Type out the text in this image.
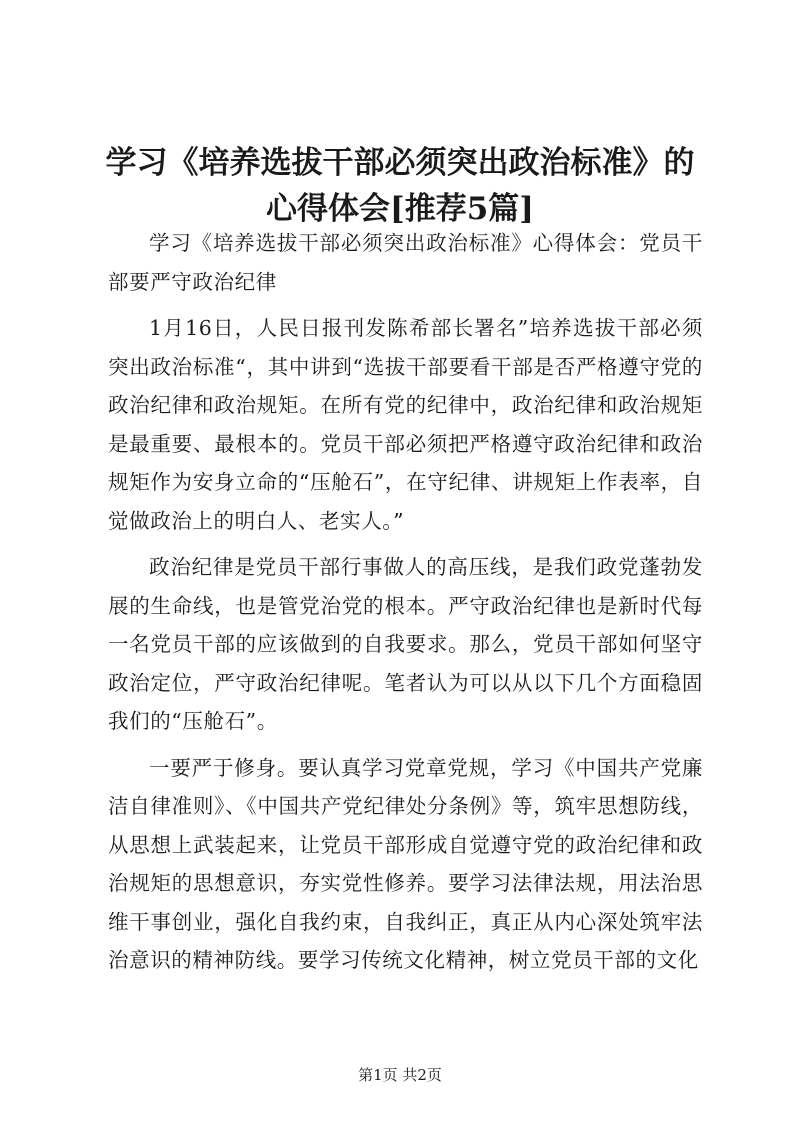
学习《培养选拔干部必须突出政治标准》的心得体会[推荐5篇]

学习《培养选拔干部必须突出政治标准》心得体会：党员干部要严守政治纪律

1月16日，人民日报刊发陈希部长署名”培养选拔干部必须突出政治标准“，其中讲到“选拔干部要看干部是否严格遵守党的政治纪律和政治规矩。在所有党的纪律中，政治纪律和政治规矩是最重要、最根本的。党员干部必须把严格遵守政治纪律和政治规矩作为安身立命的“压舱石”，在守纪律、讲规矩上作表率，自觉做政治上的明白人、老实人。”

政治纪律是党员干部行事做人的高压线，是我们政党蓬勃发展的生命线，也是管党治党的根本。严守政治纪律也是新时代每一名党员干部的应该做到的自我要求。那么，党员干部如何坚守政治定位，严守政治纪律呢。笔者认为可以从以下几个方面稳固我们的“压舱石”。

一要严于修身。要认真学习党章党规，学习《中国共产党廉洁自律准则》、《中国共产党纪律处分条例》等，筑牢思想防线，从思想上武装起来，让党员干部形成自觉遵守党的政治纪律和政治规矩的思想意识，夯实党性修养。要学习法律法规，用法治思维干事创业，强化自我约束，自我纠正，真正从内心深处筑牢法治意识的精神防线。要学习传统文化精神，树立党员干部的文化

第1页 共2页
